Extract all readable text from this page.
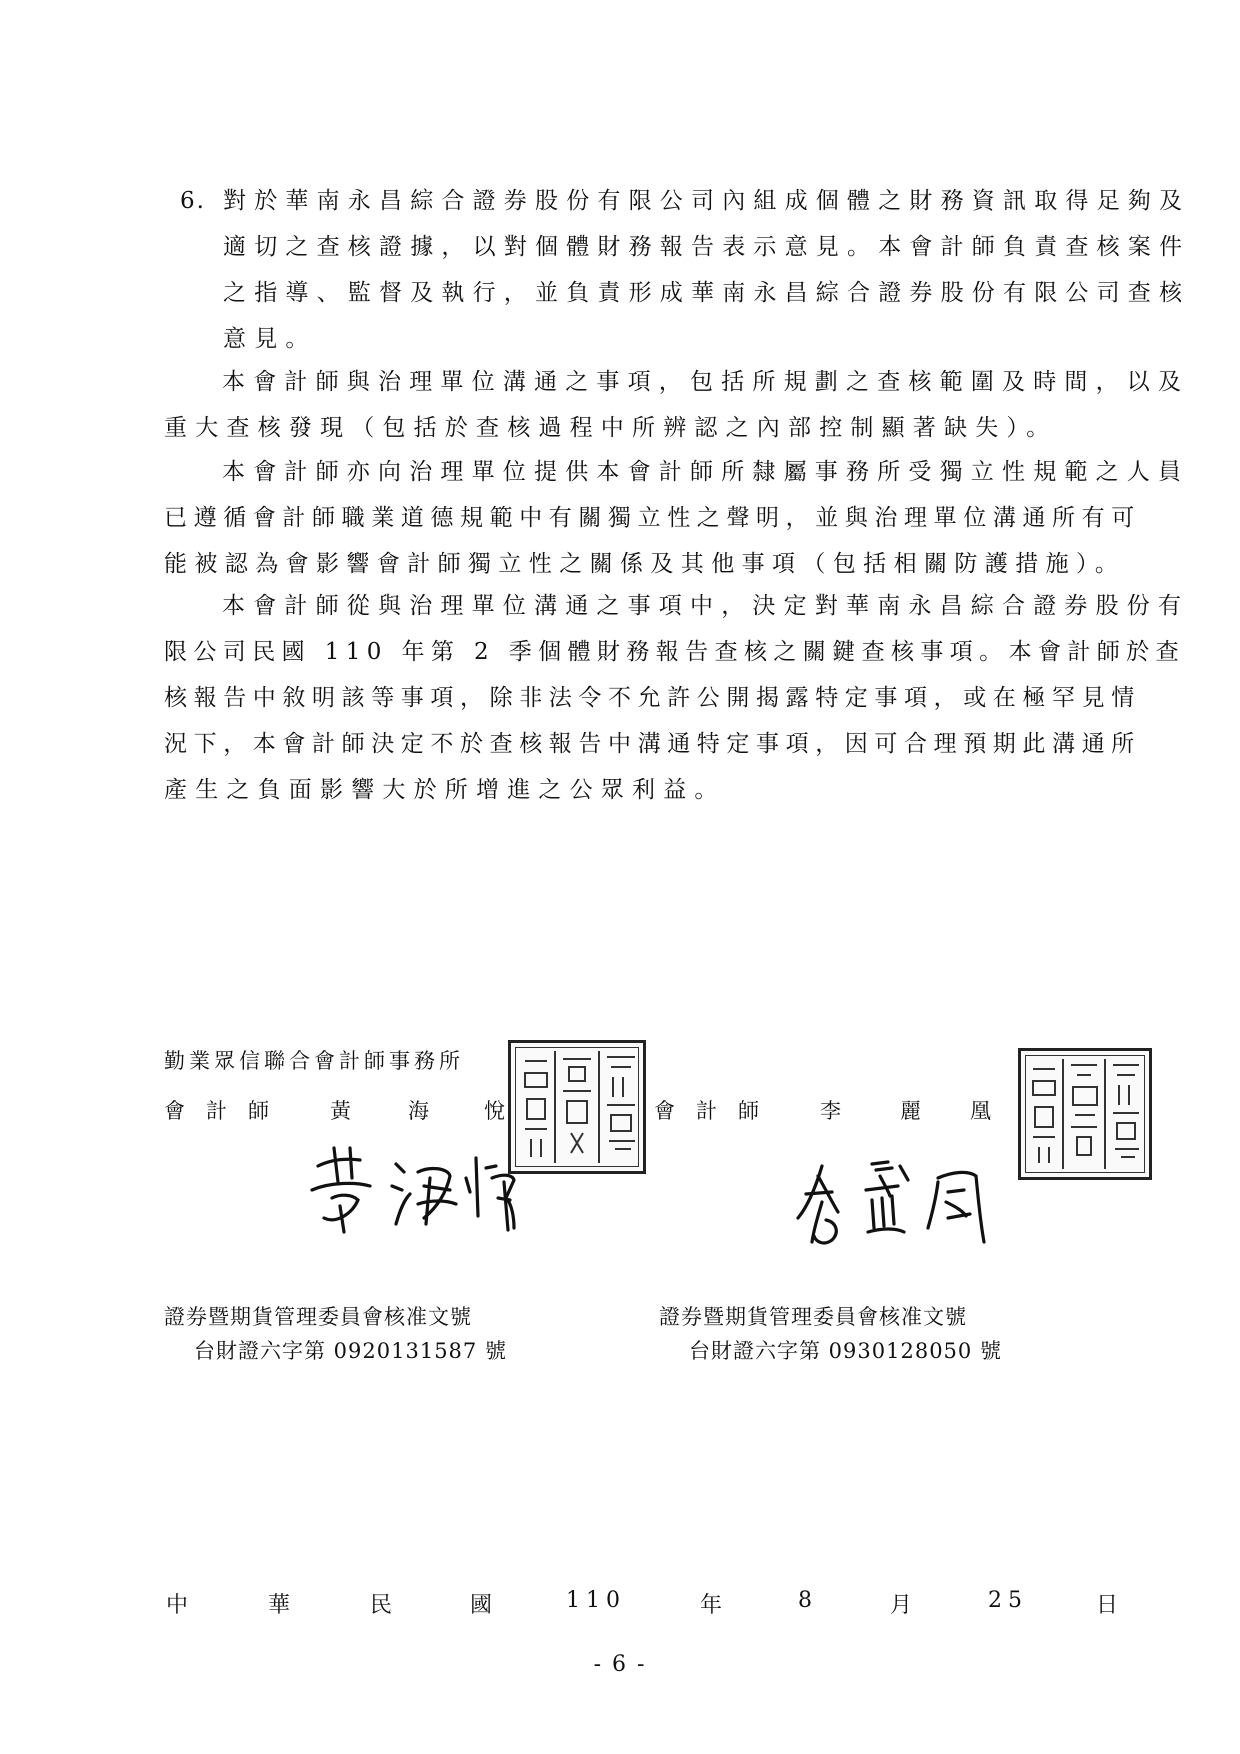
6. 對於華南永昌綜合證券股份有限公司內組成個體之財務資訊取得足夠及
適切之查核證據，以對個體財務報告表示意見。本會計師負責查核案件
之指導、監督及執行，並負責形成華南永昌綜合證券股份有限公司查核
意見。
本會計師與治理單位溝通之事項，包括所規劃之查核範圍及時間，以及
重大查核發現（包括於查核過程中所辨認之內部控制顯著缺失）。
本會計師亦向治理單位提供本會計師所隸屬事務所受獨立性規範之人員
已遵循會計師職業道德規範中有關獨立性之聲明，並與治理單位溝通所有可
能被認為會影響會計師獨立性之關係及其他事項（包括相關防護措施）。
本會計師從與治理單位溝通之事項中，決定對華南永昌綜合證券股份有
限公司民國 110 年第 2 季個體財務報告查核之關鍵查核事項。本會計師於查
核報告中敘明該等事項，除非法令不允許公開揭露特定事項，或在極罕見情
況下，本會計師決定不於查核報告中溝通特定事項，因可合理預期此溝通所
產生之負面影響大於所增進之公眾利益。
勤業眾信聯合會計師事務所
會 計 師	黃	海	悅	會 計 師	李	麗 凰
證券暨期貨管理委員會核准文號
台財證六字第 0920131587 號
證券暨期貨管理委員會核准文號
台財證六字第 0930128050 號
中	華	民	國	110	年	8	月	25	日
- 6 -
